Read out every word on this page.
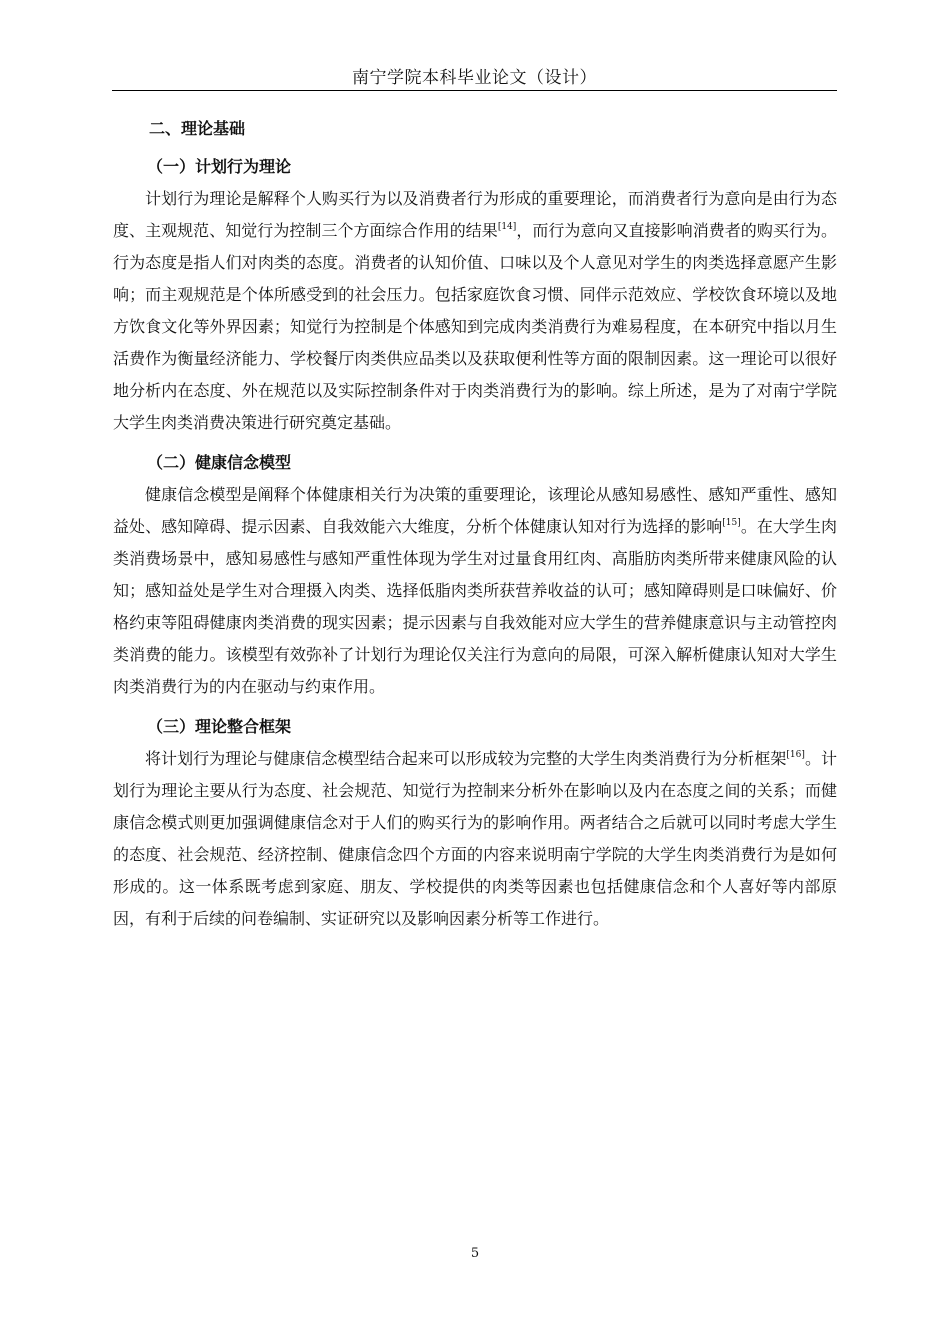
南宁学院本科毕业论文（设计）
二、理论基础
（一）计划行为理论

计划行为理论是解释个人购买行为以及消费者行为形成的重要理论，而消费者行为意向是由行为态度、主观规范、知觉行为控制三个方面综合作用的结果[14]，而行为意向又直接影响消费者的购买行为。行为态度是指人们对肉类的态度。消费者的认知价值、口味以及个人意见对学生的肉类选择意愿产生影响；而主观规范是个体所感受到的社会压力。包括家庭饮食习惯、同伴示范效应、学校饮食环境以及地方饮食文化等外界因素；知觉行为控制是个体感知到完成肉类消费行为难易程度，在本研究中指以月生活费作为衡量经济能力、学校餐厅肉类供应品类以及获取便利性等方面的限制因素。这一理论可以很好地分析内在态度、外在规范以及实际控制条件对于肉类消费行为的影响。综上所述，是为了对南宁学院大学生肉类消费决策进行研究奠定基础。

（二）健康信念模型

健康信念模型是阐释个体健康相关行为决策的重要理论，该理论从感知易感性、感知严重性、感知益处、感知障碍、提示因素、自我效能六大维度，分析个体健康认知对行为选择的影响[15]。在大学生肉类消费场景中，感知易感性与感知严重性体现为学生对过量食用红肉、高脂肪肉类所带来健康风险的认知；感知益处是学生对合理摄入肉类、选择低脂肉类所获营养收益的认可；感知障碍则是口味偏好、价格约束等阻碍健康肉类消费的现实因素；提示因素与自我效能对应大学生的营养健康意识与主动管控肉类消费的能力。该模型有效弥补了计划行为理论仅关注行为意向的局限，可深入解析健康认知对大学生肉类消费行为的内在驱动与约束作用。

（三）理论整合框架

将计划行为理论与健康信念模型结合起来可以形成较为完整的大学生肉类消费行为分析框架[16]。计划行为理论主要从行为态度、社会规范、知觉行为控制来分析外在影响以及内在态度之间的关系；而健康信念模式则更加强调健康信念对于人们的购买行为的影响作用。两者结合之后就可以同时考虑大学生的态度、社会规范、经济控制、健康信念四个方面的内容来说明南宁学院的大学生肉类消费行为是如何形成的。这一体系既考虑到家庭、朋友、学校提供的肉类等因素也包括健康信念和个人喜好等内部原因，有利于后续的问卷编制、实证研究以及影响因素分析等工作进行。

5
